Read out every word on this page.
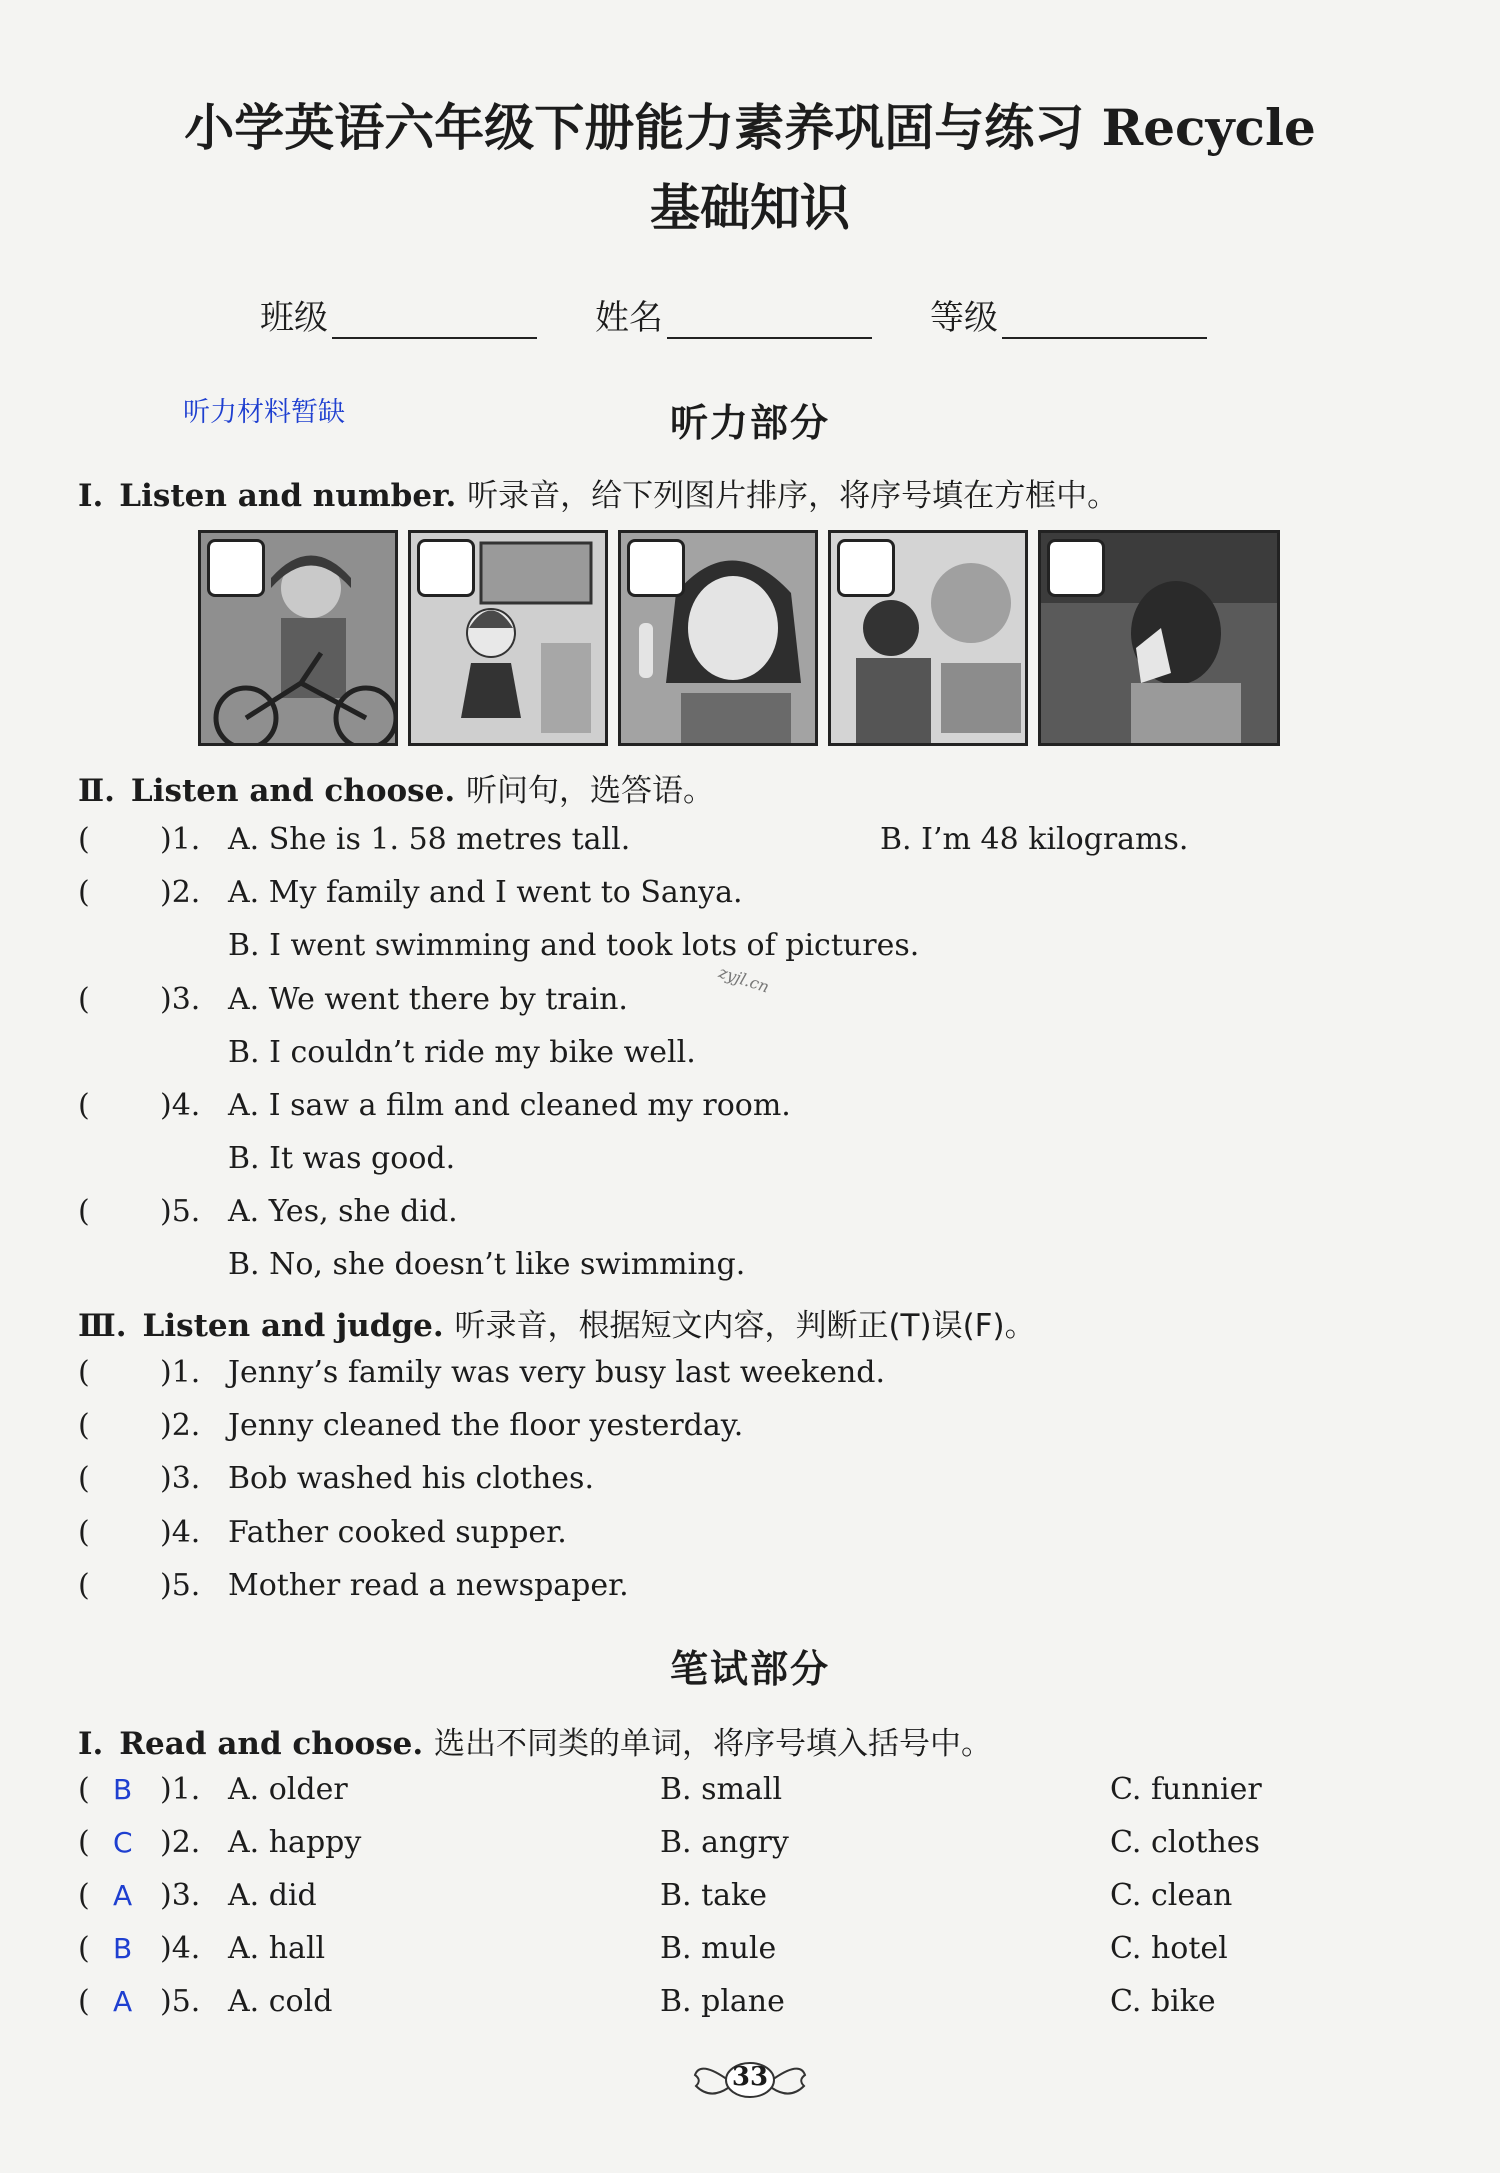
小学英语六年级下册能力素养巩固与练习 Recycle
基础知识
班级	姓名	等级
听力材料暂缺	听力部分
Ⅰ. Listen and number. 听录音，给下列图片排序，将序号填在方框中。
Ⅱ. Listen and choose. 听问句，选答语。
( )1. A. She is 1. 58 metres tall.	B. I’m 48 kilograms.
( )2. A. My family and I went to Sanya.
B. I went swimming and took lots of pictures.
( )3. A. We went there by train.
B. I couldn’t ride my bike well.
( )4. A. I saw a film and cleaned my room.
B. It was good.
( )5. A. Yes, she did.
B. No, she doesn’t like swimming.
zyjl.cn
Ⅲ. Listen and judge. 听录音，根据短文内容，判断正(T)误(F)。
( )1. Jenny’s family was very busy last weekend.
( )2. Jenny cleaned the floor yesterday.
( )3. Bob washed his clothes.
( )4. Father cooked supper.
( )5. Mother read a newspaper.
笔试部分
Ⅰ. Read and choose. 选出不同类的单词，将序号填入括号中。
( B )1. A. older	B. small	C. funnier
( C )2. A. happy	B. angry	C. clothes
( A )3. A. did	B. take	C. clean
( B )4. A. hall	B. mule	C. hotel
( A )5. A. cold	B. plane	C. bike
33
